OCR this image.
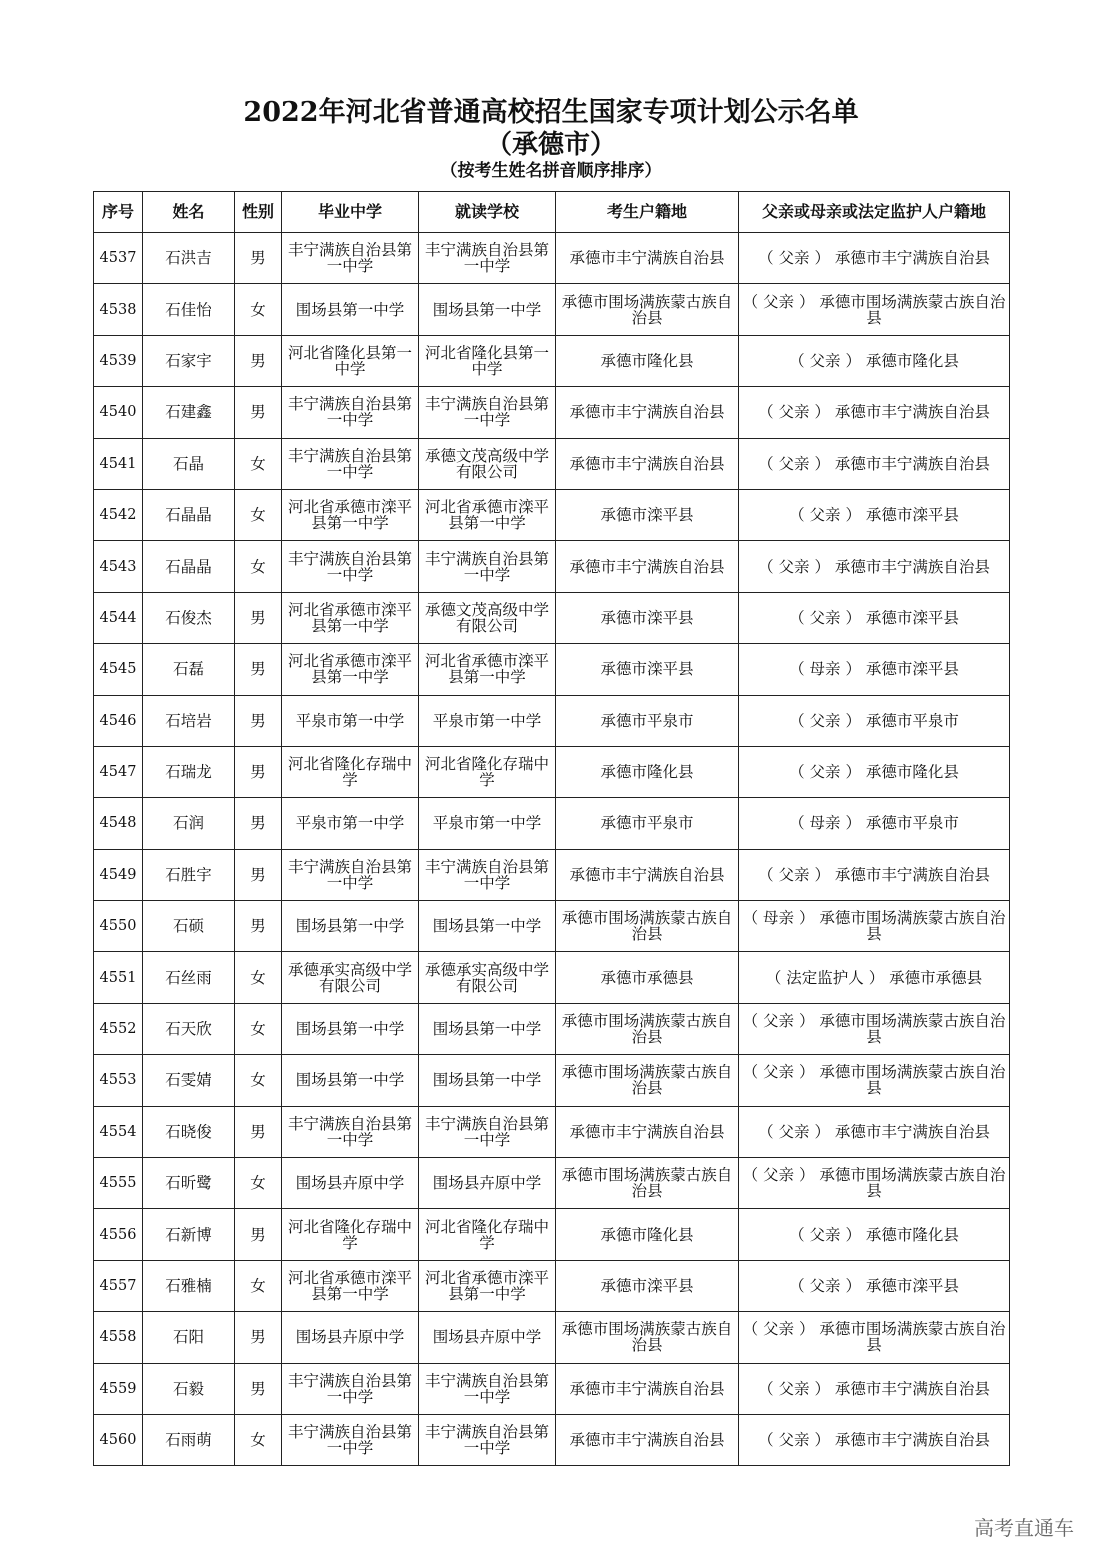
2022年河北省普通高校招生国家专项计划公示名单
（承德市）
（按考生姓名拼音顺序排序）
序号	姓名	性别	毕业中学	就读学校	考生户籍地	父亲或母亲或法定监护人户籍地
4537	石洪吉	男	丰宁满族自治县第一中学	丰宁满族自治县第一中学	承德市丰宁满族自治县	（ 父亲 ） 承德市丰宁满族自治县
4538	石佳怡	女	围场县第一中学	围场县第一中学	承德市围场满族蒙古族自治县	（ 父亲 ） 承德市围场满族蒙古族自治县
4539	石家宇	男	河北省隆化县第一中学	河北省隆化县第一中学	承德市隆化县	（ 父亲 ） 承德市隆化县
4540	石建鑫	男	丰宁满族自治县第一中学	丰宁满族自治县第一中学	承德市丰宁满族自治县	（ 父亲 ） 承德市丰宁满族自治县
4541	石晶	女	丰宁满族自治县第一中学	承德文茂高级中学有限公司	承德市丰宁满族自治县	（ 父亲 ） 承德市丰宁满族自治县
4542	石晶晶	女	河北省承德市滦平县第一中学	河北省承德市滦平县第一中学	承德市滦平县	（ 父亲 ） 承德市滦平县
4543	石晶晶	女	丰宁满族自治县第一中学	丰宁满族自治县第一中学	承德市丰宁满族自治县	（ 父亲 ） 承德市丰宁满族自治县
4544	石俊杰	男	河北省承德市滦平县第一中学	承德文茂高级中学有限公司	承德市滦平县	（ 父亲 ） 承德市滦平县
4545	石磊	男	河北省承德市滦平县第一中学	河北省承德市滦平县第一中学	承德市滦平县	（ 母亲 ） 承德市滦平县
4546	石培岩	男	平泉市第一中学	平泉市第一中学	承德市平泉市	（ 父亲 ） 承德市平泉市
4547	石瑞龙	男	河北省隆化存瑞中学	河北省隆化存瑞中学	承德市隆化县	（ 父亲 ） 承德市隆化县
4548	石润	男	平泉市第一中学	平泉市第一中学	承德市平泉市	（ 母亲 ） 承德市平泉市
4549	石胜宇	男	丰宁满族自治县第一中学	丰宁满族自治县第一中学	承德市丰宁满族自治县	（ 父亲 ） 承德市丰宁满族自治县
4550	石硕	男	围场县第一中学	围场县第一中学	承德市围场满族蒙古族自治县	（ 母亲 ） 承德市围场满族蒙古族自治县
4551	石丝雨	女	承德承实高级中学有限公司	承德承实高级中学有限公司	承德市承德县	（ 法定监护人 ） 承德市承德县
4552	石天欣	女	围场县第一中学	围场县第一中学	承德市围场满族蒙古族自治县	（ 父亲 ） 承德市围场满族蒙古族自治县
4553	石雯婧	女	围场县第一中学	围场县第一中学	承德市围场满族蒙古族自治县	（ 父亲 ） 承德市围场满族蒙古族自治县
4554	石晓俊	男	丰宁满族自治县第一中学	丰宁满族自治县第一中学	承德市丰宁满族自治县	（ 父亲 ） 承德市丰宁满族自治县
4555	石昕鹭	女	围场县卉原中学	围场县卉原中学	承德市围场满族蒙古族自治县	（ 父亲 ） 承德市围场满族蒙古族自治县
4556	石新博	男	河北省隆化存瑞中学	河北省隆化存瑞中学	承德市隆化县	（ 父亲 ） 承德市隆化县
4557	石雅楠	女	河北省承德市滦平县第一中学	河北省承德市滦平县第一中学	承德市滦平县	（ 父亲 ） 承德市滦平县
4558	石阳	男	围场县卉原中学	围场县卉原中学	承德市围场满族蒙古族自治县	（ 父亲 ） 承德市围场满族蒙古族自治县
4559	石毅	男	丰宁满族自治县第一中学	丰宁满族自治县第一中学	承德市丰宁满族自治县	（ 父亲 ） 承德市丰宁满族自治县
4560	石雨萌	女	丰宁满族自治县第一中学	丰宁满族自治县第一中学	承德市丰宁满族自治县	（ 父亲 ） 承德市丰宁满族自治县
高考直通车
